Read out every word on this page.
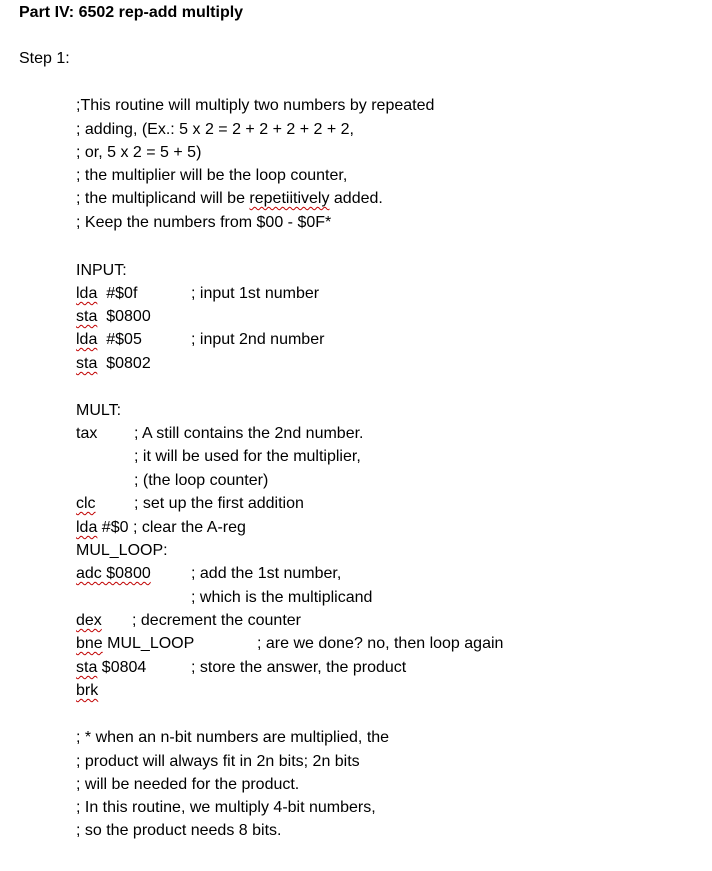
Part IV: 6502 rep-add multiply
Step 1:
;This routine will multiply two numbers by repeated
; adding, (Ex.: 5 x 2 = 2 + 2 + 2 + 2 + 2,
; or, 5 x 2 = 5 + 5)
; the multiplier will be the loop counter,
; the multiplicand will be repetiitively added.
; Keep the numbers from $00 - $0F*
INPUT:
lda #$0f	; input 1st number
sta $0800
lda #$05	; input 2nd number
sta $0802
MULT:
tax ; A still contains the 2nd number.
; it will be used for the multiplier,
; (the loop counter)
clc ; set up the first addition
lda #$0 ; clear the A-reg
MUL_LOOP:
adc $0800	; add the 1st number,
; which is the multiplicand
dex ; decrement the counter
bne MUL_LOOP	; are we done? no, then loop again
sta $0804	; store the answer, the product
brk
; * when an n-bit numbers are multiplied, the
; product will always fit in 2n bits; 2n bits
; will be needed for the product.
; In this routine, we multiply 4-bit numbers,
; so the product needs 8 bits.
